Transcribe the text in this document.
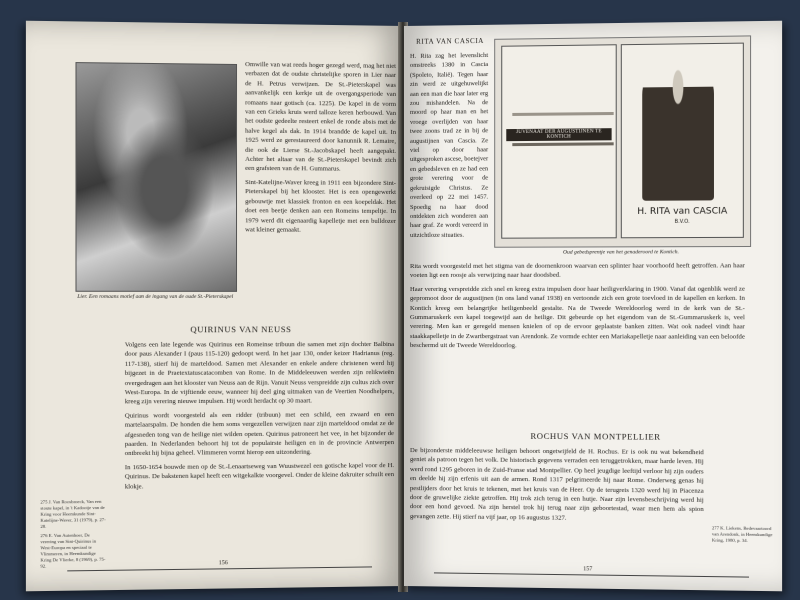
Lier. Een romaans motief aan de ingang van de oude St.-Pieterskapel

Omwille van wat reeds hoger gezegd werd, mag het niet verbazen dat de oudste christelijke sporen in Lier naar de H. Petrus verwijzen. De St.-Pieterskapel was aanvankelijk een kerkje uit de overgangsperiode van romaans naar gotisch (ca. 1225). De kapel in de vorm van een Grieks kruis werd talloze keren herbouwd. Van het oudste gedeelte resteert enkel de ronde absis met de halve kegel als dak. In 1914 brandde de kapel uit. In 1925 werd ze gerestaureerd door kanunnik R. Lemaire, die ook de Lierse St.-Jacobskapel heeft aangepakt. Achter het altaar van de St.-Pieterskapel bevindt zich een grafsteen van de H. Gummarus.

Sint-Katelijne-Waver kreeg in 1911 een bijzondere Sint-Pieterskapel bij het klooster. Het is een opengewerkt gebouwtje met klassiek fronton en een koepeldak. Het doet een beetje denken aan een Romeins tempeltje. In 1979 werd dit eigenaardig kapelletje met een bulldozer wat kleiner gemaakt.

QUIRINUS VAN NEUSS

275 J. Van Roosbroeck, Van een stoute kapel, in 't Kadootje van de Kring voor Heemkunde Sint-Katelijne-Waver, 31 (1979), p. 27-28.

276 E. Van Autenboer, De verering van Sint-Quirinus in West-Europa en speciaal te Vlimmeren, in Heemkundige Kring De Vlierke, 8 (1969), p. 75-92.

Volgens een late legende was Quirinus een Romeinse tribuun die samen met zijn dochter Balbina door paus Alexander I (paus 115-120) gedoopt werd. In het jaar 130, onder keizer Hadrianus (reg. 117-138), stierf hij de marteldood. Samen met Alexander en enkele andere christenen werd hij bijgezet in de Praetextatuscatacomben van Rome. In de Middeleeuwen werden zijn relikwieën overgedragen aan het klooster van Neuss aan de Rijn. Vanuit Neuss verspreidde zijn cultus zich over West-Europa. In de vijftiende eeuw, wanneer hij deel ging uitmaken van de Veertien Noodhelpers, kreeg zijn verering nieuwe impulsen. Hij wordt herdacht op 30 maart.

Quirinus wordt voorgesteld als een ridder (tribuun) met een schild, een zwaard en een martelaarspalm. De honden die hem soms vergezellen verwijzen naar zijn marteldood omdat ze de afgesneden tong van de heilige niet wilden opeten. Quirinus patroneert het vee, in het bijzonder de paarden. In Nederlanden behoort hij tot de populairste heiligen en in de provincie Antwerpen ontbreekt hij bijna geheel. Vlimmeren vormt hierop een uitzondering.

In 1650-1654 bouwde men op de St.-Lenaartseweg van Wuustwezel een gotische kapel voor de H. Quirinus. De bakstenen kapel heeft een witgekalkte voorgevel. Onder de kleine dakruiter schuilt een klokje.

156
RITA VAN CASCIA

H. Rita zag het levenslicht omstreeks 1380 in Cascia (Spoleto, Italië). Tegen haar zin werd ze uitgehuwelijkt aan een man die haar later erg zou mishandelen. Na de moord op haar man en het vroege overlijden van haar twee zoons trad ze in bij de augustijnen van Cascia. Ze viel op door haar uitgesproken ascese, boetejver en gebedsleven en ze had een grote verering voor de gekruisigde Christus. Ze overleed op 22 mei 1457. Spoedig na haar dood ontdekten zich wonderen aan haar graf. Ze wordt vereerd in uitzichtloze situaties.

JUVENAAT DER AUGUSTIJNEN TE KONTICH
H. RITA van CASCIA
B.V.O.
Oud gebedsprentje van het genaderoord te Kontich.

Rita wordt voorgesteld met het stigma van de doornenkroon waarvan een splinter haar voorhoofd heeft getroffen. Aan haar voeten ligt een roosje als verwijzing naar haar doodsbed.

Haar verering verspreidde zich snel en kreeg extra impulsen door haar heiligverklaring in 1900. Vanaf dat ogenblik werd ze gepromoot door de augustijnen (in ons land vanaf 1938) en vertoonde zich een grote toevloed in de kapellen en kerken. In Kontich kreeg een belangrijke heiligenbeeld gestalte. Na de Tweede Wereldoorlog werd in de kerk van de St.-Gummaruskerk een kapel toegewijd aan de heilige. Dit gebeurde op het eigendom van de St.-Gummaruskerk is, veel verering. Men kan er geregeld mensen knielen of op de ervoor geplaatste banken zitten. Wat ook nadeel vindt haar staakkapelletje in de Zwartbergstraat van Arendonk. Ze vormde echter een Mariakapelletje naar aanleiding van een beloofde beschermd uit de Tweede Wereldoorlog.

ROCHUS VAN MONTPELLIER

De bijzonderste middeleeuwse heiligen behoort ongetwijfeld de H. Rochus. Er is ook nu wat bekendheid geniet als patroon tegen het volk. De historisch gegevens verraden een teruggetrokken, maar harde leven. Hij werd rond 1295 geboren in de Zuid-Franse stad Montpellier. Op heel jeugdige leeftijd verloor hij zijn ouders en deelde hij zijn erfenis uit aan de armen. Rond 1317 pelgrimeerde hij naar Rome. Onderweg genas hij pestlijders door het kruis te tekenen, met het kruis van de Heer. Op de terugreis 1320 werd hij in Piacenza door de gruwelijke ziekte getroffen. Hij trok zich terug in een hutje. Naar zijn levensbeschrijving werd hij door een hond gevoed. Na zijn herstel trok hij terug naar zijn geboortestad, waar men hem als spion gevangen zette. Hij stierf na vijf jaar, op 16 augustus 1327.

277 K. Liekens, Bedevaartoord van Arendonk, in Heemkundige Kring, 1980, p. 34.

157
